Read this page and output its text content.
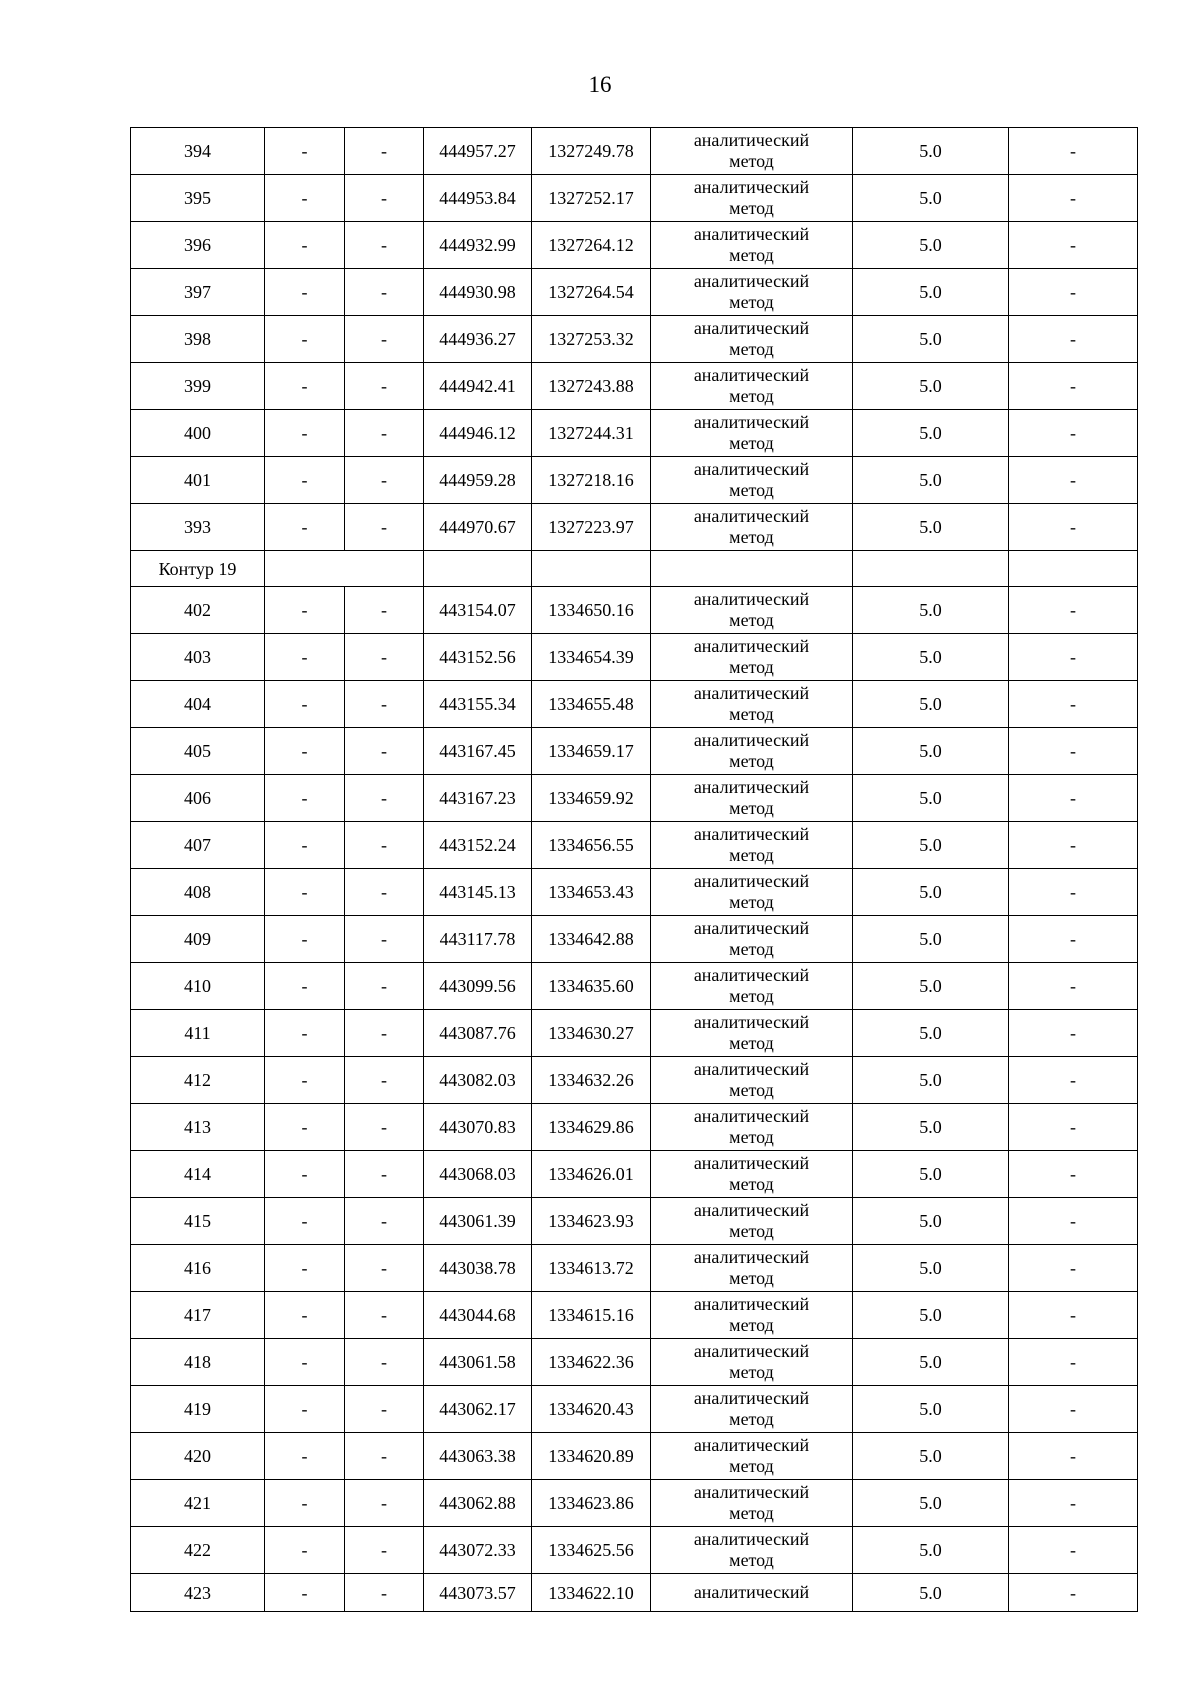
16
394	-	-	444957.27	1327249.78	аналитический
метод	5.0	-
395	-	-	444953.84	1327252.17	аналитический
метод	5.0	-
396	-	-	444932.99	1327264.12	аналитический
метод	5.0	-
397	-	-	444930.98	1327264.54	аналитический
метод	5.0	-
398	-	-	444936.27	1327253.32	аналитический
метод	5.0	-
399	-	-	444942.41	1327243.88	аналитический
метод	5.0	-
400	-	-	444946.12	1327244.31	аналитический
метод	5.0	-
401	-	-	444959.28	1327218.16	аналитический
метод	5.0	-
393	-	-	444970.67	1327223.97	аналитический
метод	5.0	-
Контур 19							
402	-	-	443154.07	1334650.16	аналитический
метод	5.0	-
403	-	-	443152.56	1334654.39	аналитический
метод	5.0	-
404	-	-	443155.34	1334655.48	аналитический
метод	5.0	-
405	-	-	443167.45	1334659.17	аналитический
метод	5.0	-
406	-	-	443167.23	1334659.92	аналитический
метод	5.0	-
407	-	-	443152.24	1334656.55	аналитический
метод	5.0	-
408	-	-	443145.13	1334653.43	аналитический
метод	5.0	-
409	-	-	443117.78	1334642.88	аналитический
метод	5.0	-
410	-	-	443099.56	1334635.60	аналитический
метод	5.0	-
411	-	-	443087.76	1334630.27	аналитический
метод	5.0	-
412	-	-	443082.03	1334632.26	аналитический
метод	5.0	-
413	-	-	443070.83	1334629.86	аналитический
метод	5.0	-
414	-	-	443068.03	1334626.01	аналитический
метод	5.0	-
415	-	-	443061.39	1334623.93	аналитический
метод	5.0	-
416	-	-	443038.78	1334613.72	аналитический
метод	5.0	-
417	-	-	443044.68	1334615.16	аналитический
метод	5.0	-
418	-	-	443061.58	1334622.36	аналитический
метод	5.0	-
419	-	-	443062.17	1334620.43	аналитический
метод	5.0	-
420	-	-	443063.38	1334620.89	аналитический
метод	5.0	-
421	-	-	443062.88	1334623.86	аналитический
метод	5.0	-
422	-	-	443072.33	1334625.56	аналитический
метод	5.0	-
423	-	-	443073.57	1334622.10	аналитический	5.0	-
